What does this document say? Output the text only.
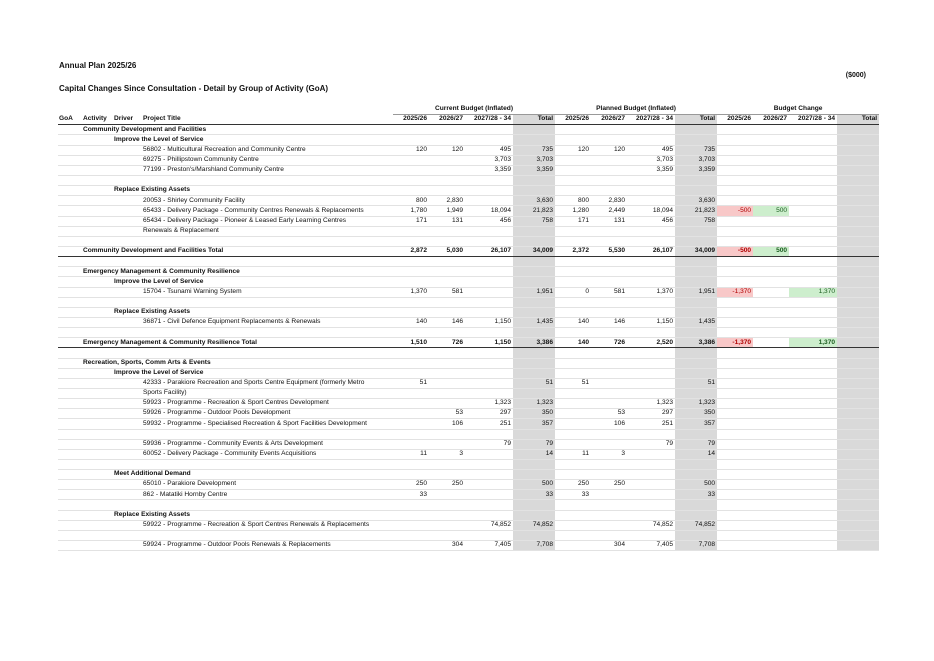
Annual Plan 2025/26
($000)
Capital Changes Since Consultation - Detail by Group of Activity (GoA)
				Current Budget (Inflated)				Planned Budget (Inflated)				Budget Change			
GoA	Activity	Driver	Project Title	2025/26	2026/27	2027/28 - 34	Total	2025/26	2026/27	2027/28 - 34	Total	2025/26	2026/27	2027/28 - 34	Total
	Community Development and Facilities														
		Improve the Level of Service													
			56802 - Multicultural Recreation and Community Centre	120	120	495	735	120	120	495	735				
			69275 - Phillipstown Community Centre			3,703	3,703			3,703	3,703				
			77199 - Preston's/Marshland Community Centre			3,359	3,359			3,359	3,359				

		Replace Existing Assets													
			20053 - Shirley Community Facility	800	2,830		3,630	800	2,830		3,630				
			65433 - Delivery Package - Community Centres Renewals & Replacements	1,780	1,949	18,094	21,823	1,280	2,449	18,094	21,823	-500	500		
			65434 - Delivery Package - Pioneer & Leased Early Learning Centres	171	131	456	758	171	131	456	758				
			Renewals & Replacement												

	Community Development and Facilities Total			2,872	5,030	26,107	34,009	2,372	5,530	26,107	34,009	-500	500		

	Emergency Management & Community Resilience														
		Improve the Level of Service													
			15704 - Tsunami Warning System	1,370	581		1,951	0	581	1,370	1,951	-1,370		1,370	

		Replace Existing Assets													
			36871 - Civil Defence Equipment Replacements & Renewals	140	146	1,150	1,435	140	146	1,150	1,435				

	Emergency Management & Community Resilience Total			1,510	726	1,150	3,386	140	726	2,520	3,386	-1,370		1,370	

	Recreation, Sports, Comm Arts & Events														
		Improve the Level of Service													
			42333 - Parakiore Recreation and Sports Centre Equipment (formerly Metro	51			51	51			51				
			Sports Facility)												
			59923 - Programme - Recreation & Sport Centres Development			1,323	1,323			1,323	1,323				
			59926 - Programme - Outdoor Pools Development		53	297	350		53	297	350				
			59932 - Programme - Specialised Recreation & Sport Facilities Development		106	251	357		106	251	357				

			59936 - Programme - Community Events & Arts Development			79	79			79	79				
			60052 - Delivery Package - Community Events Acquisitions	11	3		14	11	3		14				

		Meet Additional Demand													
			65010 - Parakiore Development	250	250		500	250	250		500				
			862 - Matatiki Hornby Centre	33			33	33			33				

		Replace Existing Assets													
			59922 - Programme - Recreation & Sport Centres Renewals & Replacements			74,852	74,852			74,852	74,852				

			59924 - Programme - Outdoor Pools Renewals & Replacements		304	7,405	7,708		304	7,405	7,708				
